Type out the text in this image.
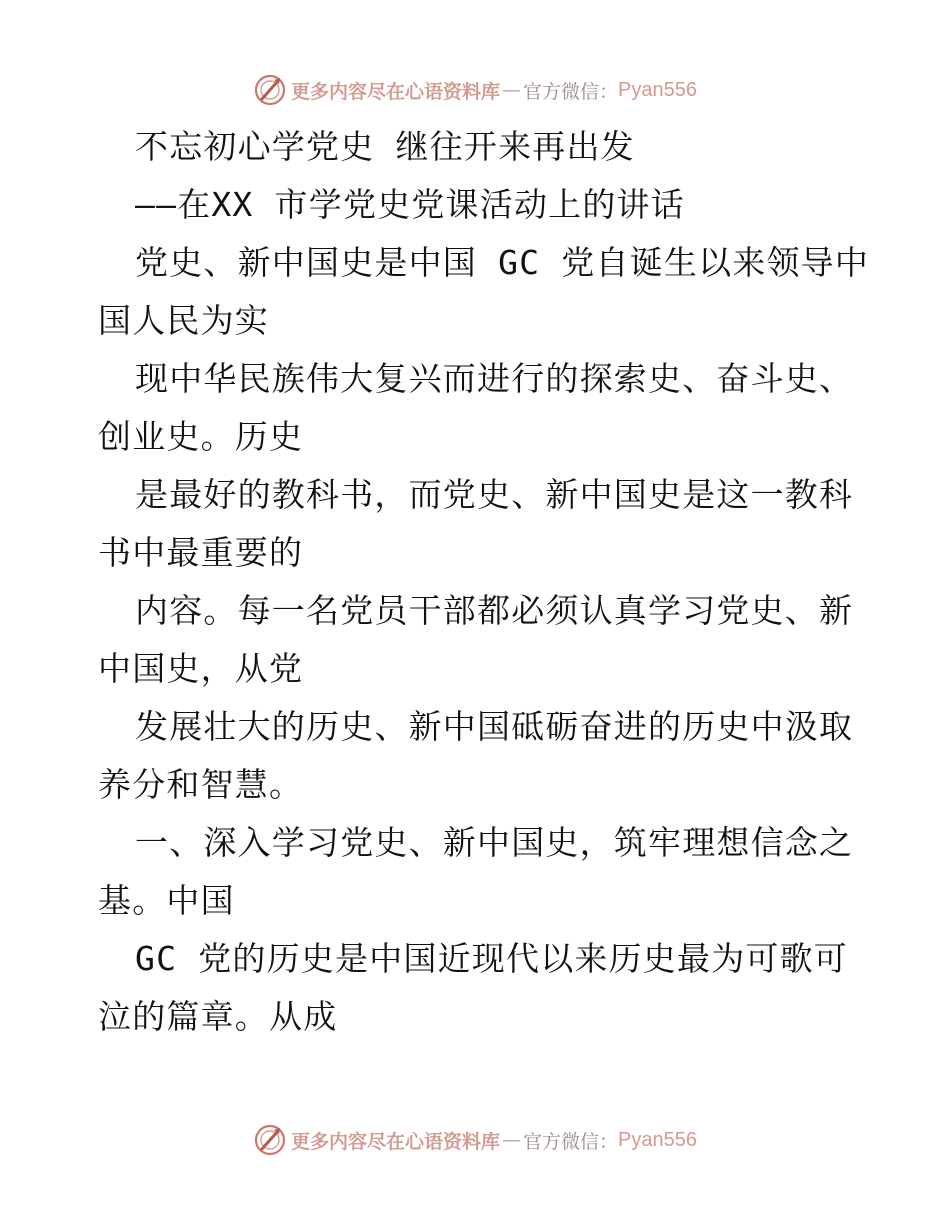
更多内容尽在心语资料库 — 官方微信： Pyan556
不忘初心学党史 继往开来再出发
——在XX 市学党史党课活动上的讲话
党史、新中国史是中国 GC 党自诞生以来领导中
国人民为实
现中华民族伟大复兴而进行的探索史、奋斗史、
创业史。历史
是最好的教科书，而党史、新中国史是这一教科
书中最重要的
内容。每一名党员干部都必须认真学习党史、新
中国史，从党
发展壮大的历史、新中国砥砺奋进的历史中汲取
养分和智慧。
一、深入学习党史、新中国史，筑牢理想信念之
基。中国
GC 党的历史是中国近现代以来历史最为可歌可
泣的篇章。从成
更多内容尽在心语资料库 — 官方微信： Pyan556
